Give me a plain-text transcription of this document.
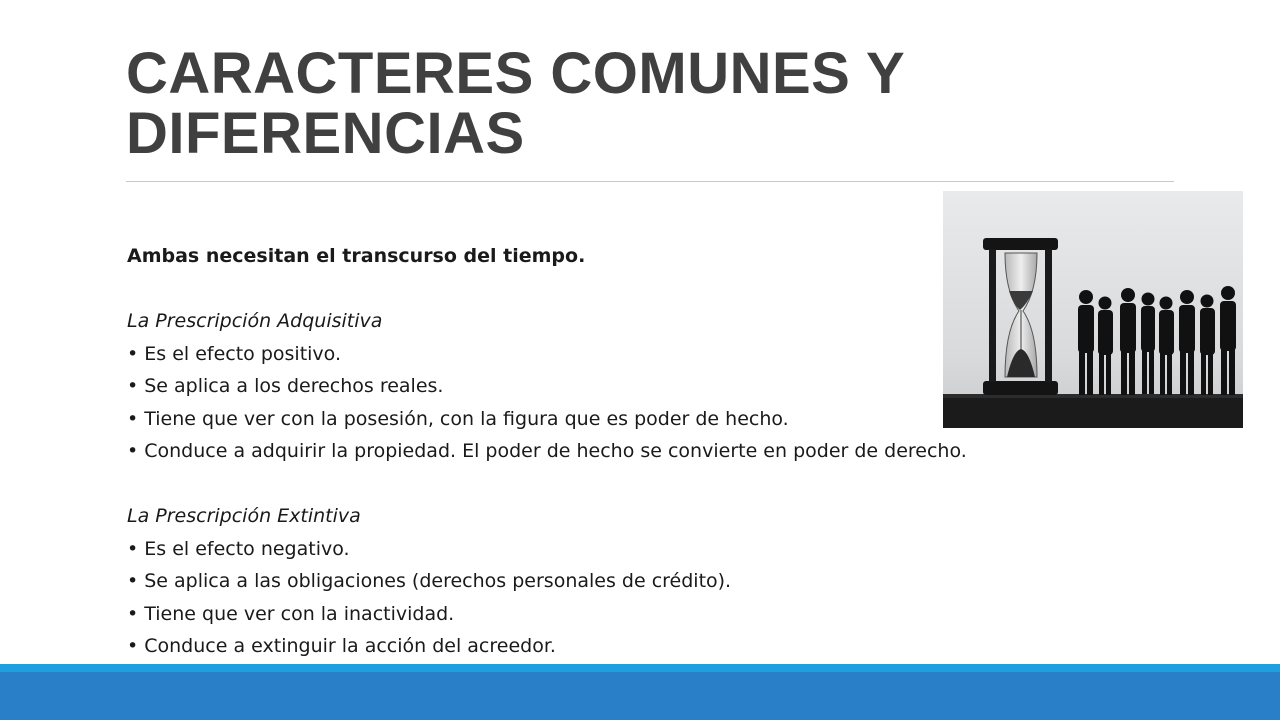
CARACTERES COMUNES Y DIFERENCIAS
Ambas necesitan el transcurso del tiempo.
La Prescripción Adquisitiva
• Es el efecto positivo.
• Se aplica a los derechos reales.
• Tiene que ver con la posesión, con la figura que es poder de hecho.
• Conduce a adquirir la propiedad. El poder de hecho se convierte en poder de derecho.
La Prescripción Extintiva
• Es el efecto negativo.
• Se aplica a las obligaciones (derechos personales de crédito).
• Tiene que ver con la inactividad.
• Conduce a extinguir la acción del acreedor.
